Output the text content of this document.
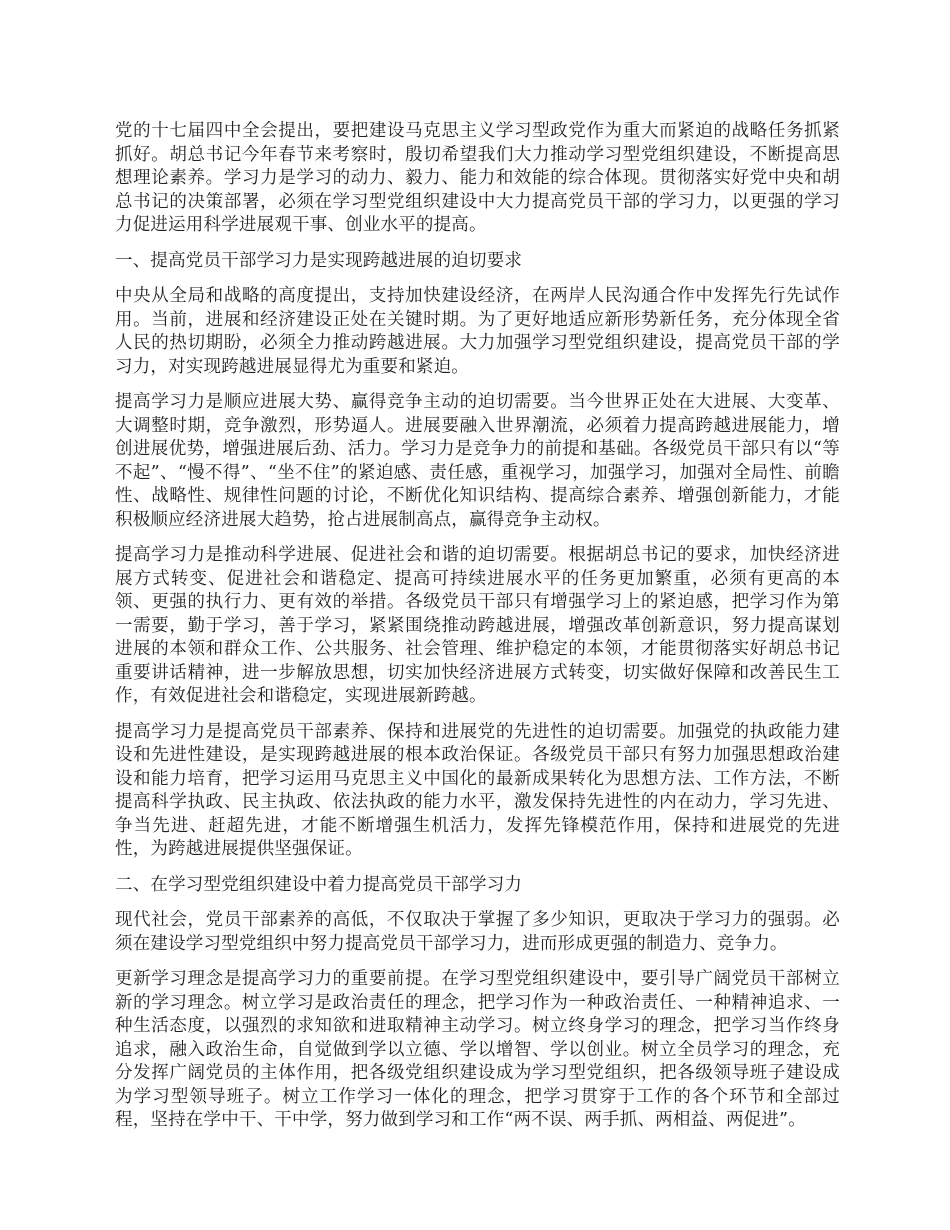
党的十七届四中全会提出，要把建设马克思主义学习型政党作为重大而紧迫的战略任务抓紧抓好。胡总书记今年春节来考察时，殷切希望我们大力推动学习型党组织建设，不断提高思想理论素养。学习力是学习的动力、毅力、能力和效能的综合体现。贯彻落实好党中央和胡总书记的决策部署，必须在学习型党组织建设中大力提高党员干部的学习力，以更强的学习力促进运用科学进展观干事、创业水平的提高。

一、提高党员干部学习力是实现跨越进展的迫切要求

中央从全局和战略的高度提出，支持加快建设经济，在两岸人民沟通合作中发挥先行先试作用。当前，进展和经济建设正处在关键时期。为了更好地适应新形势新任务，充分体现全省人民的热切期盼，必须全力推动跨越进展。大力加强学习型党组织建设，提高党员干部的学习力，对实现跨越进展显得尤为重要和紧迫。

提高学习力是顺应进展大势、赢得竞争主动的迫切需要。当今世界正处在大进展、大变革、大调整时期，竞争激烈，形势逼人。进展要融入世界潮流，必须着力提高跨越进展能力，增创进展优势，增强进展后劲、活力。学习力是竞争力的前提和基础。各级党员干部只有以“等不起”、“慢不得”、“坐不住”的紧迫感、责任感，重视学习，加强学习，加强对全局性、前瞻性、战略性、规律性问题的讨论，不断优化知识结构、提高综合素养、增强创新能力，才能积极顺应经济进展大趋势，抢占进展制高点，赢得竞争主动权。

提高学习力是推动科学进展、促进社会和谐的迫切需要。根据胡总书记的要求，加快经济进展方式转变、促进社会和谐稳定、提高可持续进展水平的任务更加繁重，必须有更高的本领、更强的执行力、更有效的举措。各级党员干部只有增强学习上的紧迫感，把学习作为第一需要，勤于学习，善于学习，紧紧围绕推动跨越进展，增强改革创新意识，努力提高谋划进展的本领和群众工作、公共服务、社会管理、维护稳定的本领，才能贯彻落实好胡总书记重要讲话精神，进一步解放思想，切实加快经济进展方式转变，切实做好保障和改善民生工作，有效促进社会和谐稳定，实现进展新跨越。

提高学习力是提高党员干部素养、保持和进展党的先进性的迫切需要。加强党的执政能力建设和先进性建设，是实现跨越进展的根本政治保证。各级党员干部只有努力加强思想政治建设和能力培育，把学习运用马克思主义中国化的最新成果转化为思想方法、工作方法，不断提高科学执政、民主执政、依法执政的能力水平，激发保持先进性的内在动力，学习先进、争当先进、赶超先进，才能不断增强生机活力，发挥先锋模范作用，保持和进展党的先进性，为跨越进展提供坚强保证。

二、在学习型党组织建设中着力提高党员干部学习力

现代社会，党员干部素养的高低，不仅取决于掌握了多少知识，更取决于学习力的强弱。必须在建设学习型党组织中努力提高党员干部学习力，进而形成更强的制造力、竞争力。

更新学习理念是提高学习力的重要前提。在学习型党组织建设中，要引导广阔党员干部树立新的学习理念。树立学习是政治责任的理念，把学习作为一种政治责任、一种精神追求、一种生活态度，以强烈的求知欲和进取精神主动学习。树立终身学习的理念，把学习当作终身追求，融入政治生命，自觉做到学以立德、学以增智、学以创业。树立全员学习的理念，充分发挥广阔党员的主体作用，把各级党组织建设成为学习型党组织，把各级领导班子建设成为学习型领导班子。树立工作学习一体化的理念，把学习贯穿于工作的各个环节和全部过程，坚持在学中干、干中学，努力做到学习和工作“两不误、两手抓、两相益、两促进”。
